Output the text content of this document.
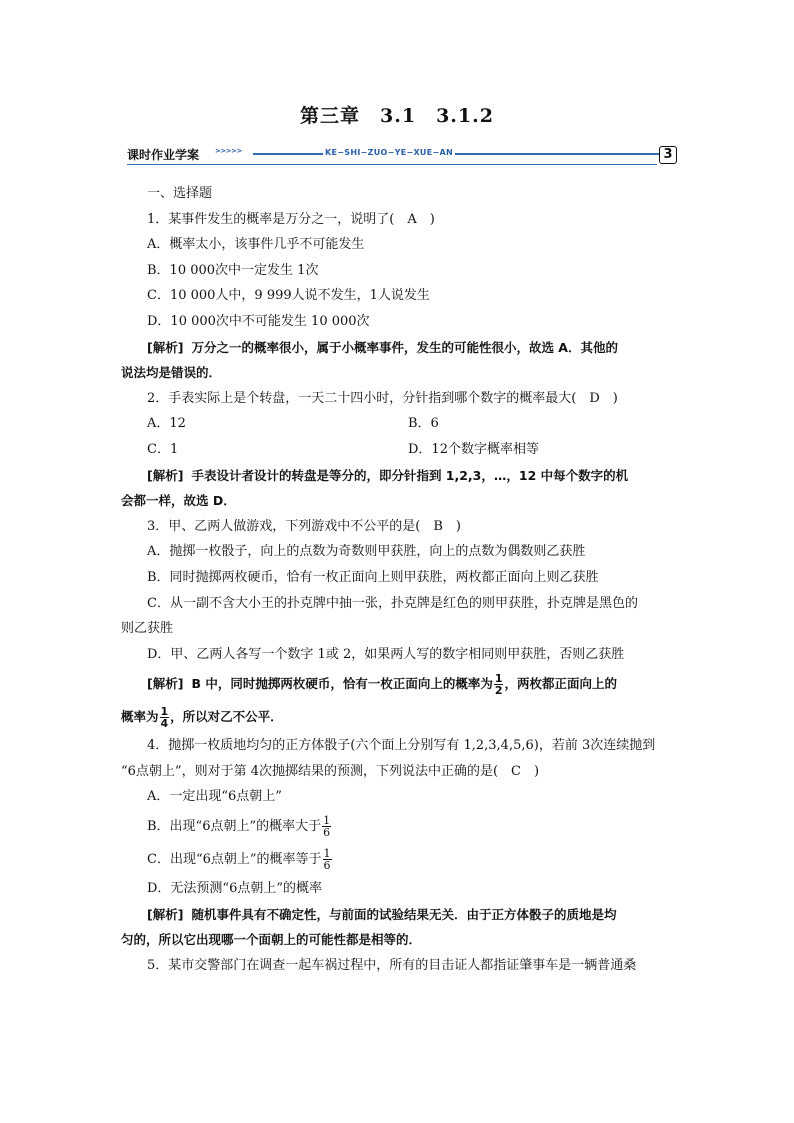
第三章　3.1　3.1.2
课时作业学案	>>>>>	KE−SHI−ZUO−YE−XUE−AN	3
一、选择题
1．某事件发生的概率是万分之一，说明了(　A　)
A．概率太小，该事件几乎不可能发生
B．10 000次中一定发生 1次
C．10 000人中，9 999人说不发生，1人说发生
D．10 000次中不可能发生 10 000次
[解析] 万分之一的概率很小，属于小概率事件，发生的可能性很小，故选 A．其他的
说法均是错误的．
2．手表实际上是个转盘，一天二十四小时，分针指到哪个数字的概率最大(　D　)
A．12	B．6
C．1	D．12个数字概率相等
[解析] 手表设计者设计的转盘是等分的，即分针指到 1,2,3，…，12 中每个数字的机
会都一样，故选 D．
3．甲、乙两人做游戏，下列游戏中不公平的是(　B　)
A．抛掷一枚骰子，向上的点数为奇数则甲获胜，向上的点数为偶数则乙获胜
B．同时抛掷两枚硬币，恰有一枚正面向上则甲获胜，两枚都正面向上则乙获胜
C．从一副不含大小王的扑克牌中抽一张，扑克牌是红色的则甲获胜，扑克牌是黑色的
则乙获胜
D．甲、乙两人各写一个数字 1或 2，如果两人写的数字相同则甲获胜，否则乙获胜
[解析] B 中，同时抛掷两枚硬币，恰有一枚正面向上的概率为 $\frac{1}{2}$ ，两枚都正面向上的
概率为 $\frac{1}{4}$ ，所以对乙不公平．
4．抛掷一枚质地均匀的正方体骰子(六个面上分别写有 1,2,3,4,5,6)，若前 3次连续抛到
“6点朝上”，则对于第 4次抛掷结果的预测，下列说法中正确的是(　C　)
A．一定出现“6点朝上”
B．出现“6点朝上”的概率大于 $\frac{1}{6}$
C．出现“6点朝上”的概率等于 $\frac{1}{6}$
D．无法预测“6点朝上”的概率
[解析] 随机事件具有不确定性，与前面的试验结果无关．由于正方体骰子的质地是均
匀的，所以它出现哪一个面朝上的可能性都是相等的．
5．某市交警部门在调查一起车祸过程中，所有的目击证人都指证肇事车是一辆普通桑
